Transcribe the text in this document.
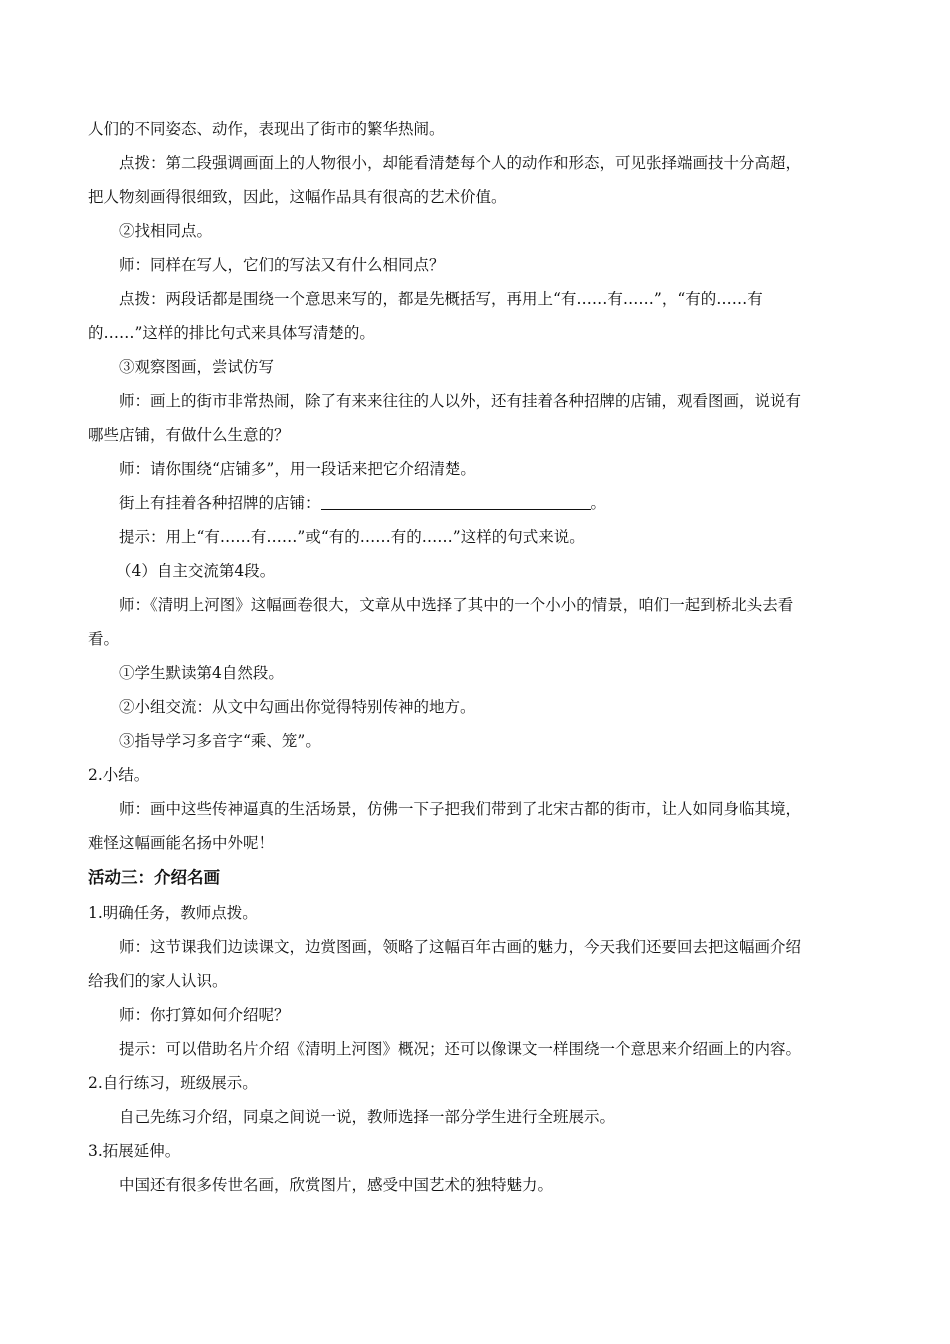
人们的不同姿态、动作，表现出了街市的繁华热闹。
点拨：第二段强调画面上的人物很小，却能看清楚每个人的动作和形态，可见张择端画技十分高超，
把人物刻画得很细致，因此，这幅作品具有很高的艺术价值。
②找相同点。
师：同样在写人，它们的写法又有什么相同点？
点拨：两段话都是围绕一个意思来写的，都是先概括写，再用上“有……有……”，“有的……有
的……”这样的排比句式来具体写清楚的。
③观察图画，尝试仿写
师：画上的街市非常热闹，除了有来来往往的人以外，还有挂着各种招牌的店铺，观看图画，说说有
哪些店铺，有做什么生意的？
师：请你围绕“店铺多”，用一段话来把它介绍清楚。
街上有挂着各种招牌的店铺：	。
提示：用上“有……有……”或“有的……有的……”这样的句式来说。
（4）自主交流第4段。
师：《清明上河图》这幅画卷很大，文章从中选择了其中的一个小小的情景，咱们一起到桥北头去看
看。
①学生默读第4自然段。
②小组交流：从文中勾画出你觉得特别传神的地方。
③指导学习多音字“乘、笼”。
2.小结。
师：画中这些传神逼真的生活场景，仿佛一下子把我们带到了北宋古都的街市，让人如同身临其境，
难怪这幅画能名扬中外呢！
活动三：介绍名画
1.明确任务，教师点拨。
师：这节课我们边读课文，边赏图画，领略了这幅百年古画的魅力，今天我们还要回去把这幅画介绍
给我们的家人认识。
师：你打算如何介绍呢？
提示：可以借助名片介绍《清明上河图》概况；还可以像课文一样围绕一个意思来介绍画上的内容。
2.自行练习，班级展示。
自己先练习介绍，同桌之间说一说，教师选择一部分学生进行全班展示。
3.拓展延伸。
中国还有很多传世名画，欣赏图片，感受中国艺术的独特魅力。
